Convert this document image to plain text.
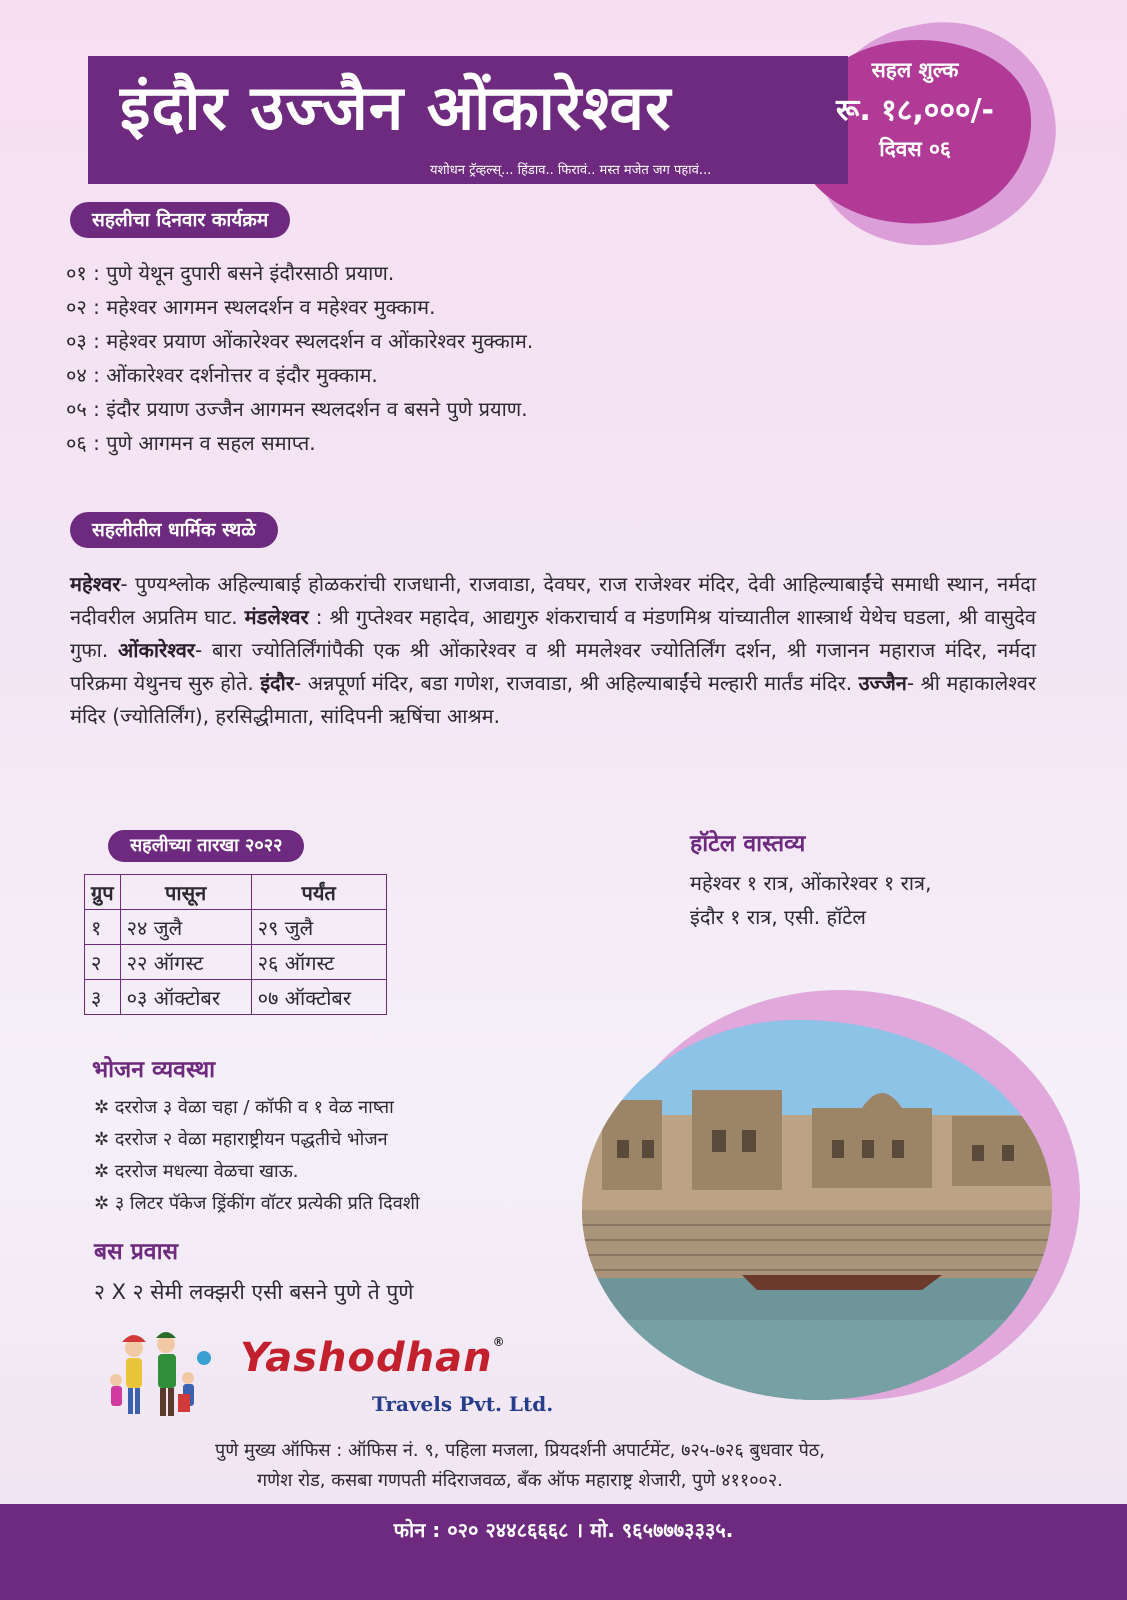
इंदौर उज्जैन ओंकारेश्वर
यशोधन ट्रॅव्हल्स्... हिंडाव.. फिरावं.. मस्त मजेत जग पहावं...
सहल शुल्क
रू. १८,०००/-
दिवस ०६
सहलीचा दिनवार कार्यक्रम
०१ : पुणे येथून दुपारी बसने इंदौरसाठी प्रयाण.
०२ : महेश्वर आगमन स्थलदर्शन व महेश्वर मुक्काम.
०३ : महेश्वर प्रयाण ओंकारेश्वर स्थलदर्शन व ओंकारेश्वर मुक्काम.
०४ : ओंकारेश्वर दर्शनोत्तर व इंदौर मुक्काम.
०५ : इंदौर प्रयाण उज्जैन आगमन स्थलदर्शन व बसने पुणे प्रयाण.
०६ : पुणे आगमन व सहल समाप्त.
सहलीतील धार्मिक स्थळे
महेश्वर- पुण्यश्लोक अहिल्याबाई होळकरांची राजधानी, राजवाडा, देवघर, राज राजेश्वर मंदिर, देवी आहिल्याबाईंचे समाधी स्थान, नर्मदा नदीवरील अप्रतिम घाट. मंडलेश्वर : श्री गुप्तेश्वर महादेव, आद्यगुरु शंकराचार्य व मंडणमिश्र यांच्यातील शास्त्रार्थ येथेच घडला, श्री वासुदेव गुफा. ओंकारेश्वर- बारा ज्योतिर्लिंगांपैकी एक श्री ओंकारेश्वर व श्री ममलेश्वर ज्योतिर्लिंग दर्शन, श्री गजानन महाराज मंदिर, नर्मदा परिक्रमा येथुनच सुरु होते. इंदौर- अन्नपूर्णा मंदिर, बडा गणेश, राजवाडा, श्री अहिल्याबाईंचे मल्हारी मार्तंड मंदिर. उज्जैन- श्री महाकालेश्वर मंदिर (ज्योतिर्लिंग), हरसिद्धीमाता, सांदिपनी ऋषिंचा आश्रम.
सहलीच्या तारखा २०२२
ग्रुप	पासून	पर्यंत
१	२४ जुलै	२९ जुलै
२	२२ ऑगस्ट	२६ ऑगस्ट
३	०३ ऑक्टोबर	०७ ऑक्टोबर
हॉटेल वास्तव्य
महेश्वर १ रात्र, ओंकारेश्वर १ रात्र,
इंदौर १ रात्र, एसी. हॉटेल
भोजन व्यवस्था
✲ दररोज ३ वेळा चहा / कॉफी व १ वेळ नाष्ता
✲ दररोज २ वेळा महाराष्ट्रीयन पद्धतीचे भोजन
✲ दररोज मधल्या वेळचा खाऊ.
✲ ३ लिटर पॅकेज ड्रिंकींग वॉटर प्रत्येकी प्रति दिवशी
बस प्रवास
२ X २ सेमी लक्झरी एसी बसने पुणे ते पुणे
Yashodhan®
Travels Pvt. Ltd.
पुणे मुख्य ऑफिस : ऑफिस नं. ९, पहिला मजला, प्रियदर्शनी अपार्टमेंट, ७२५-७२६ बुधवार पेठ,
गणेश रोड, कसबा गणपती मंदिराजवळ, बँक ऑफ महाराष्ट्र शेजारी, पुणे ४११००२.
फोन : ०२० २४४८६६६८ । मो. ९६५७७७३३३५.
